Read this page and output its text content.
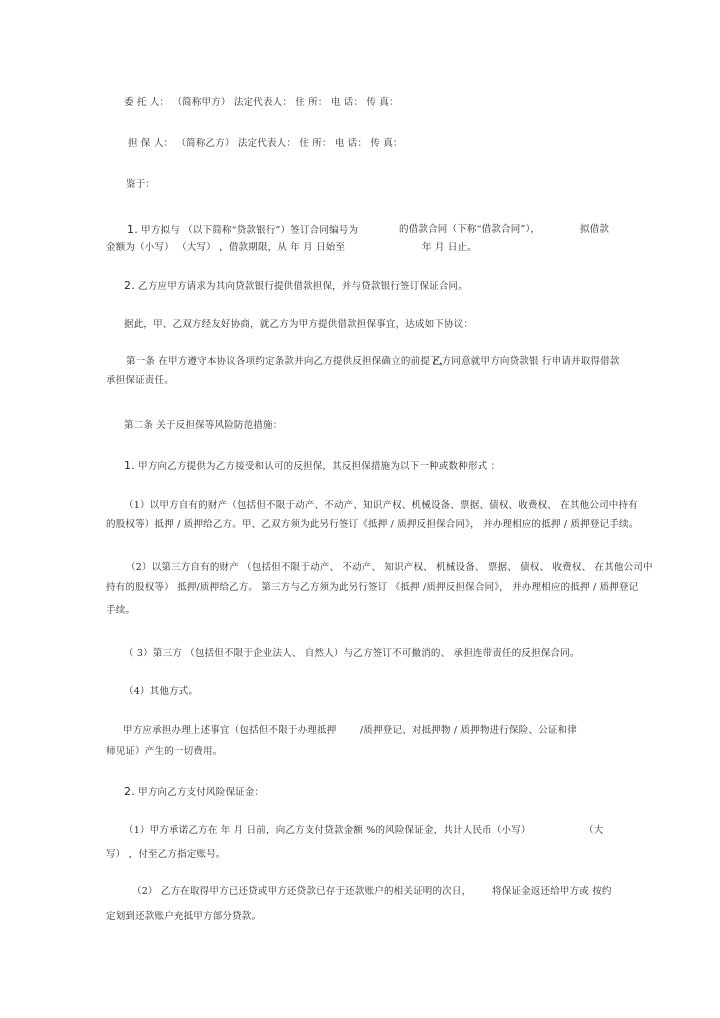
委 托 人： （简称甲方） 法定代表人： 住 所： 电 话： 传 真：
担 保 人： （简称乙方） 法定代表人： 住 所： 电 话： 传 真：
鉴于：
1. 甲方拟与 （以下简称“贷款银行”）签订合同编号为	的借款合同（下称“借款合同”），	拟借款
金额为（小写） （大写） ，借款期限，从 年 月 日始至	年 月 日止。
2. 乙方应甲方请求为其向贷款银行提供借款担保，并与贷款银行签订保证合同。
据此，甲、乙双方经友好协商，就乙方为甲方提供借款担保事宜，达成如下协议：
第一条 在甲方遵守本协议各项约定条款并向乙方提供反担保确立的前提下，
乙方同意就甲方向贷款银 行申请并取得借款
承担保证责任。
第二条 关于反担保等风险防范措施：
1. 甲方向乙方提供为乙方接受和认可的反担保，其反担保措施为以下一种或数种形式 ：
（1）以甲方自有的财产（包括但不限于动产、不动产、知识产权、机械设备、票据、债权、收费权、 在其他公司中持有
的股权等）抵押 / 质押给乙方。甲、乙双方须为此另行签订《抵押 / 质押反担保合同》， 并办理相应的抵押 / 质押登记手续。
（2）以第三方自有的财产 （包括但不限于动产、 不动产、 知识产权、 机械设备、 票据、 债权、 收费权、 在其他公司中
持有的股权等） 抵押/质押给乙方。 第三方与乙方须为此另行签订 《抵押 /质押反担保合同》， 并办理相应的抵押 / 质押登记
手续。
（ 3）第三方 （包括但不限于企业法人、 自然人）与乙方签订不可撤消的、 承担连带责任的反担保合同。
（4）其他方式。
甲方应承担办理上述事宜（包括但不限于办理抵押 /质押登记、对抵押物 / 质押物进行保险、公证和律
师见证）产生的一切费用。
2. 甲方向乙方支付风险保证金：
（1）甲方承诺乙方在 年 月 日前，向乙方支付贷款金额 %的风险保证金，共计人民币（小写）	（大
写） ，付至乙方指定账号。
（2） 乙方在取得甲方已还贷或甲方还贷款已存于还款账户的相关证明的次日， 将保证金返还给甲方或 按约
定划到还款账户充抵甲方部分贷款。
